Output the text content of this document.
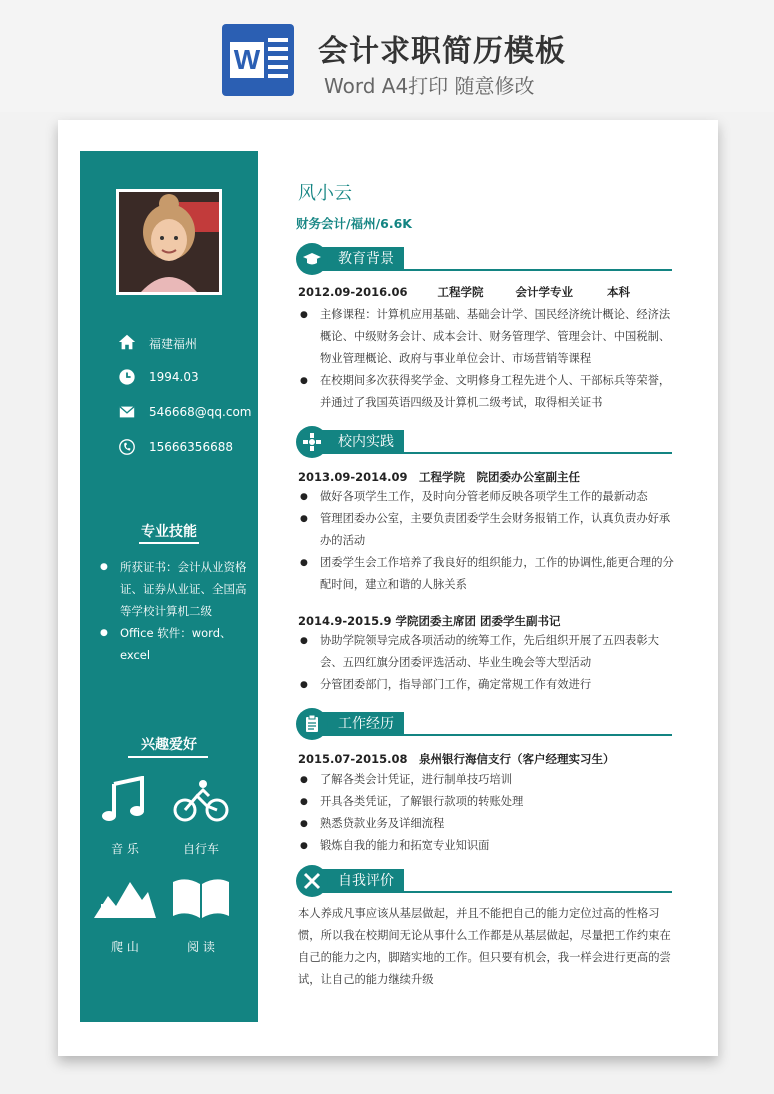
W 会计求职简历模板
Word A4打印 随意修改
福建福州
1994.03
546668@qq.com
15666356688
专业技能
● 所获证书：会计从业资格证、证券从业证、全国高等学校计算机二级
● Office 软件：word、excel
兴趣爱好
音 乐	自行车
爬 山	阅 读
风小云
财务会计/福州/6.6K
教育背景
2012.09-2016.06	工程学院	会计学专业	本科
● 主修课程：计算机应用基础、基础会计学、国民经济统计概论、经济法概论、中级财务会计、成本会计、财务管理学、管理会计、中国税制、物业管理概论、政府与事业单位会计、市场营销等课程
● 在校期间多次获得奖学金、文明修身工程先进个人、干部标兵等荣誉，并通过了我国英语四级及计算机二级考试，取得相关证书
校内实践
2013.09-2014.09　工程学院　院团委办公室副主任
● 做好各项学生工作，及时向分管老师反映各项学生工作的最新动态
● 管理团委办公室，主要负责团委学生会财务报销工作，认真负责办好承办的活动
● 团委学生会工作培养了我良好的组织能力，工作的协调性,能更合理的分配时间，建立和谐的人脉关系
2014.9-2015.9 学院团委主席团 团委学生副书记
● 协助学院领导完成各项活动的统筹工作，先后组织开展了五四表彰大会、五四红旗分团委评选活动、毕业生晚会等大型活动
● 分管团委部门，指导部门工作，确定常规工作有效进行
工作经历
2015.07-2015.08　泉州银行海信支行（客户经理实习生）
● 了解各类会计凭证，进行制单技巧培训
● 开具各类凭证，了解银行款项的转账处理
● 熟悉贷款业务及详细流程
● 锻炼自我的能力和拓宽专业知识面
自我评价
本人养成凡事应该从基层做起，并且不能把自己的能力定位过高的性格习惯，所以我在校期间无论从事什么工作都是从基层做起，尽量把工作约束在自己的能力之内，脚踏实地的工作。但只要有机会，我一样会进行更高的尝试，让自己的能力继续升级
